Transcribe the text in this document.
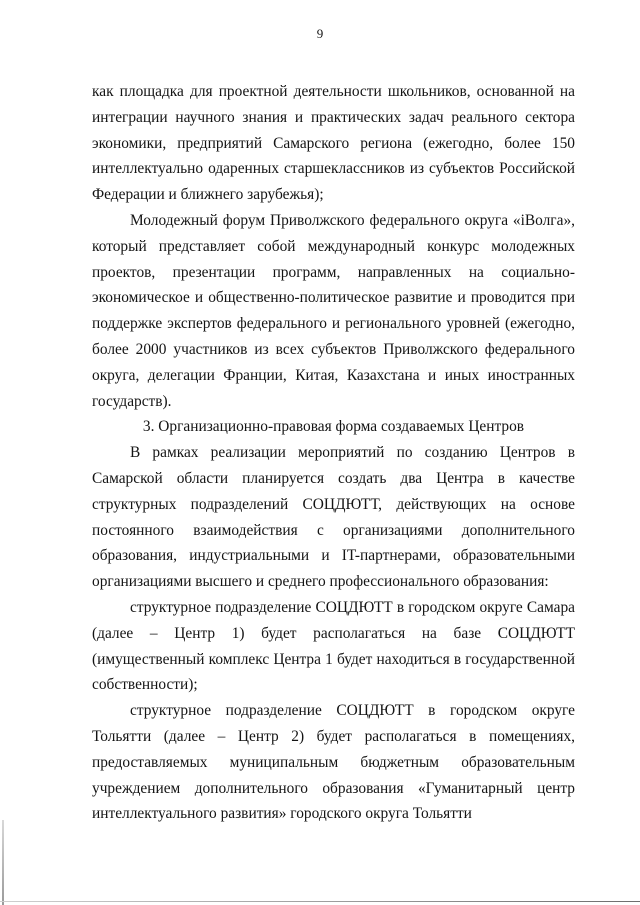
9

как площадка для проектной деятельности школьников, основанной на интеграции научного знания и практических задач реального сектора экономики, предприятий Самарского региона (ежегодно, более 150 интеллектуально одаренных старшеклассников из субъектов Российской Федерации и ближнего зарубежья);

Молодежный форум Приволжского федерального округа «iВолга», который представляет собой международный конкурс молодежных проектов, презентации программ, направленных на социально-экономическое и общественно-политическое развитие и проводится при поддержке экспертов федерального и регионального уровней (ежегодно, более 2000 участников из всех субъектов Приволжского федерального округа, делегации Франции, Китая, Казахстана и иных иностранных государств).

3. Организационно-правовая форма создаваемых Центров

В рамках реализации мероприятий по созданию Центров в Самарской области планируется создать два Центра в качестве структурных подразделений СОЦДЮТТ, действующих на основе постоянного взаимодействия с организациями дополнительного образования, индустриальными и IT-партнерами, образовательными организациями высшего и среднего профессионального образования:

структурное подразделение СОЦДЮТТ в городском округе Самара (далее – Центр 1) будет располагаться на базе СОЦДЮТТ (имущественный комплекс Центра 1 будет находиться в государственной собственности);

структурное подразделение СОЦДЮТТ в городском округе Тольятти (далее – Центр 2) будет располагаться в помещениях, предоставляемых муниципальным бюджетным образовательным учреждением дополнительного образования «Гуманитарный центр интеллектуального развития» городского округа Тольятти
